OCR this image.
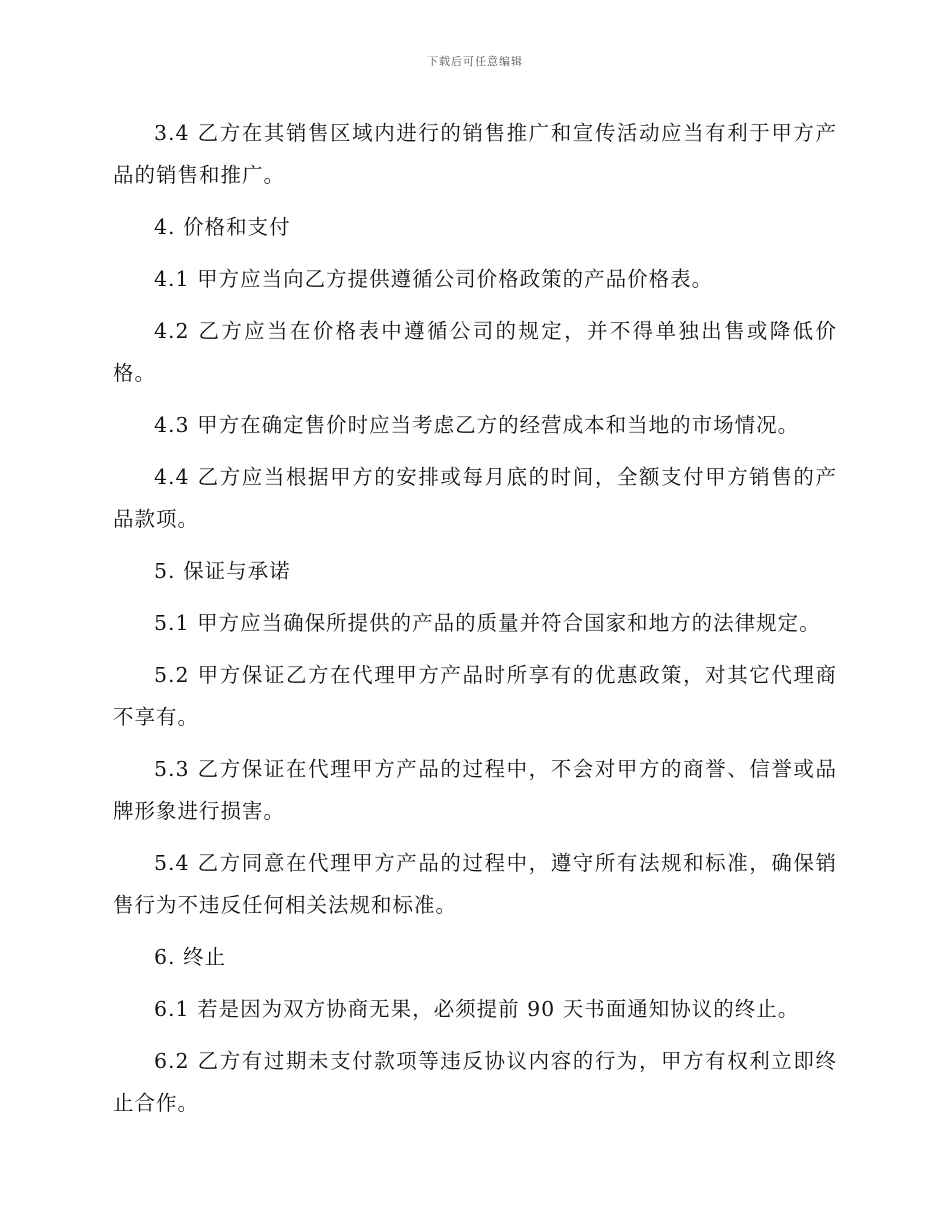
下载后可任意编辑

3.4 乙方在其销售区域内进行的销售推广和宣传活动应当有利于甲方产品的销售和推广。

4. 价格和支付

4.1 甲方应当向乙方提供遵循公司价格政策的产品价格表。

4.2 乙方应当在价格表中遵循公司的规定，并不得单独出售或降低价格。

4.3 甲方在确定售价时应当考虑乙方的经营成本和当地的市场情况。

4.4 乙方应当根据甲方的安排或每月底的时间，全额支付甲方销售的产品款项。

5. 保证与承诺

5.1 甲方应当确保所提供的产品的质量并符合国家和地方的法律规定。

5.2 甲方保证乙方在代理甲方产品时所享有的优惠政策，对其它代理商不享有。

5.3 乙方保证在代理甲方产品的过程中，不会对甲方的商誉、信誉或品牌形象进行损害。

5.4 乙方同意在代理甲方产品的过程中，遵守所有法规和标准，确保销售行为不违反任何相关法规和标准。

6. 终止

6.1 若是因为双方协商无果，必须提前 90 天书面通知协议的终止。

6.2 乙方有过期未支付款项等违反协议内容的行为，甲方有权利立即终止合作。
